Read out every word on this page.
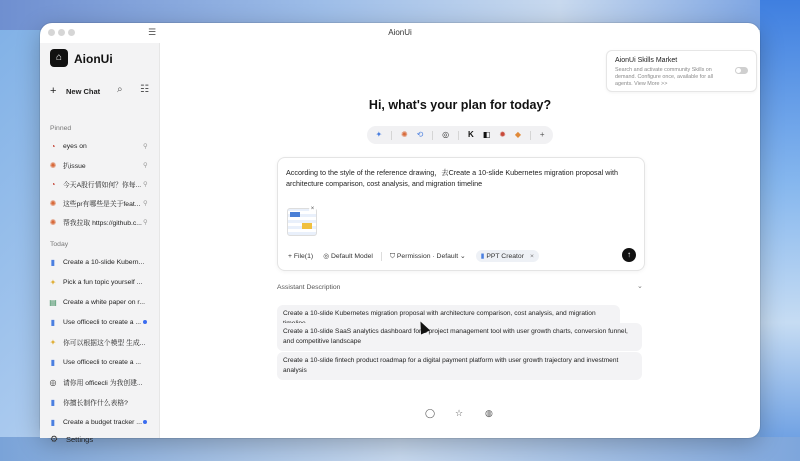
☰	AionUi
⌂ AionUi
+	New Chat ⌕ ☷
Pinned
◔	eyes on	⚲
✺ 扒issue	⚲
◔	今天A股行情如何？你每... ⚲
✺ 这些pr有哪些是关于feat... ⚲
✺ 帮我拉取 https://github.c... ⚲
Today
▮	Create a 10-slide Kubern...
✦ Pick a fun topic yourself ...
▤ Create a white paper on r...
▮	Use officecli to create a ...
✦ 你可以根据这个模型 生成...
▮	Use officecli to create a ...
◎ 请你用 officecli 为我创建...
▮	你擅长制作什么表格?
▮	Create a budget tracker ...
⚙	Settings
AionUi Skills Market
Search and activate community Skills on demand. Configure once, available for all agents. View More >>
Hi, what's your plan for today?
✦ ✺ ⟲ ◎ K ◧ ✹ ◆ +
According to the style of the reference drawing，去Create a 10-slide Kubernetes migration proposal with architecture comparison, cost analysis, and migration timeline
×
+ File(1) ◎ Default Model	⛉ Permission · Default ⌄ ▮
PPT Creator ×	↑
Assistant Description	⌄
Create a 10-slide Kubernetes migration proposal with architecture comparison, cost analysis, and migration
Create a 10-slide SaaS analytics dashboard for a project management tool with user growth charts, conversion funnel, and competitive landscape
Create a 10-slide fintech product roadmap for a digital payment platform with user growth trajectory and investment analysis
◯ ☆ ◍
